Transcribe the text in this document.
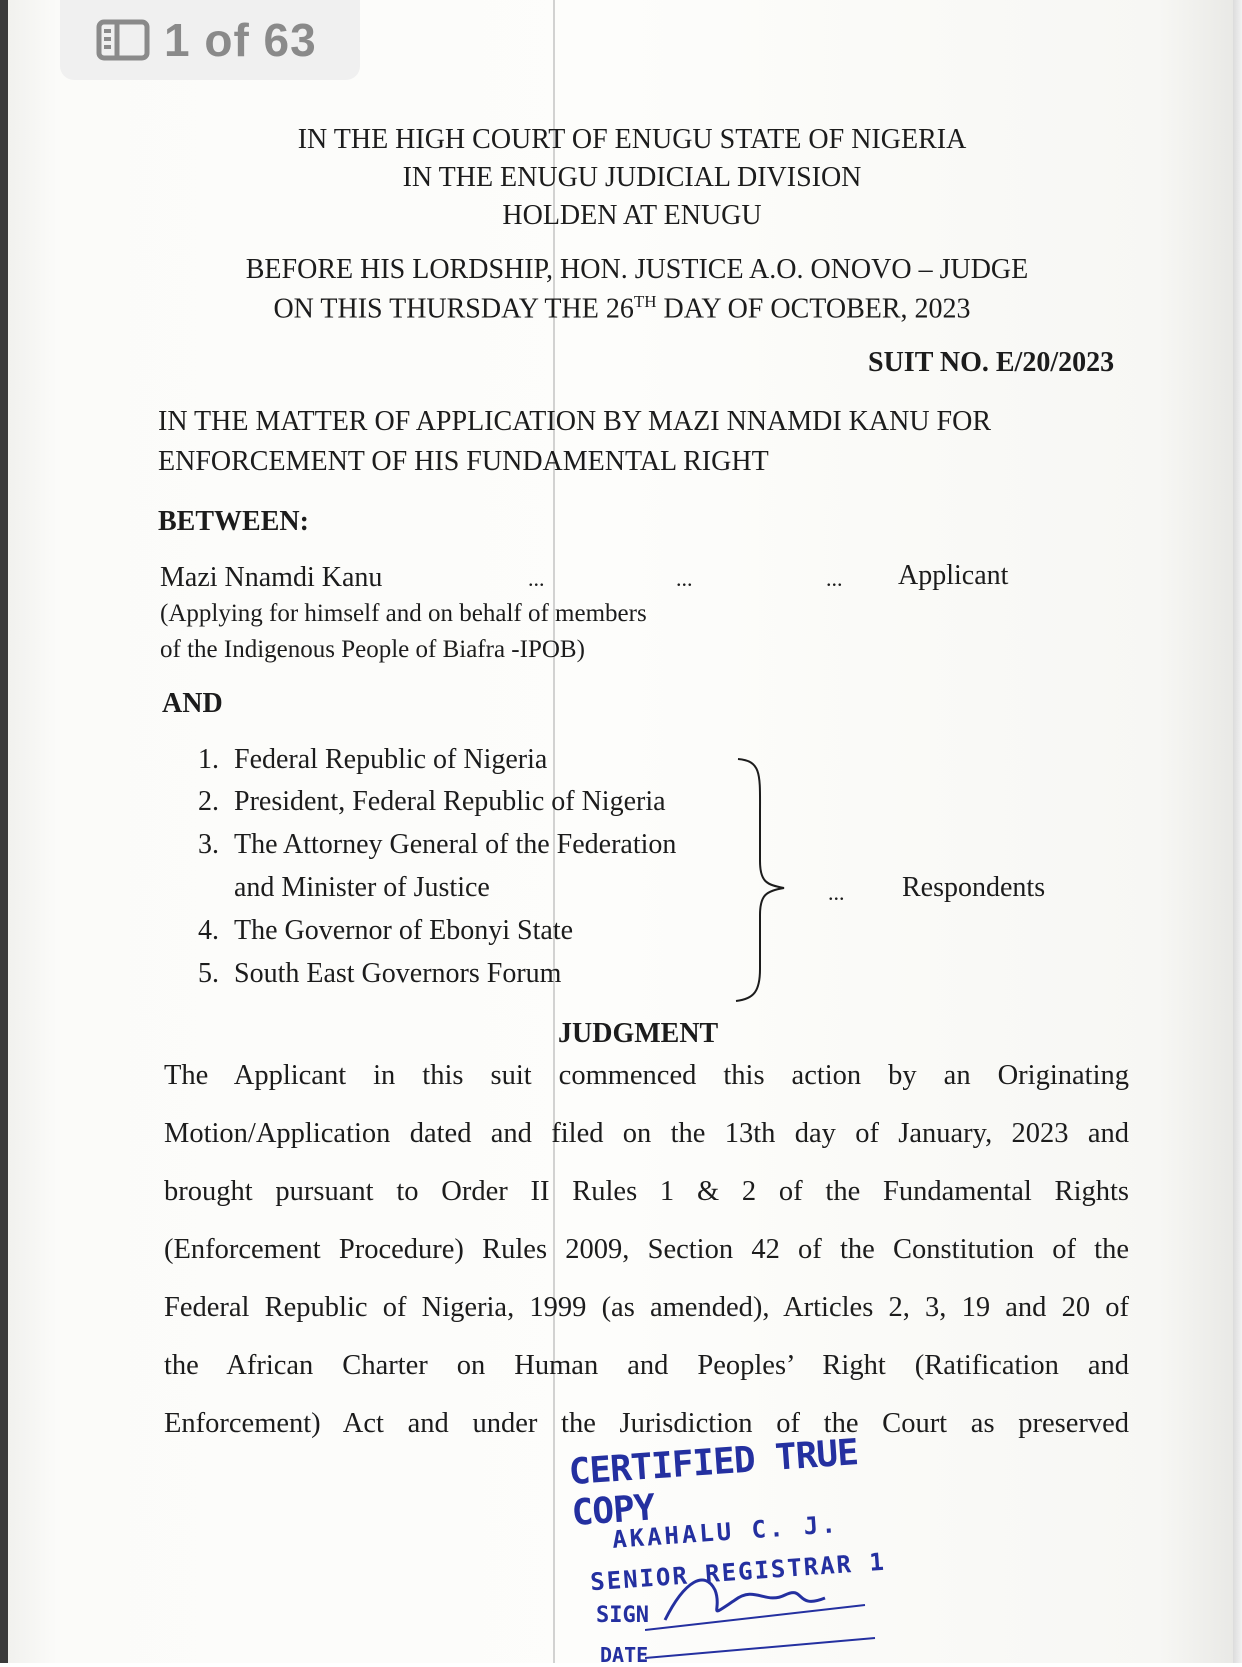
1 of 63
IN THE HIGH COURT OF ENUGU STATE OF NIGERIA
IN THE ENUGU JUDICIAL DIVISION
HOLDEN AT ENUGU
BEFORE HIS LORDSHIP, HON. JUSTICE A.O. ONOVO – JUDGE
ON THIS THURSDAY THE 26TH DAY OF OCTOBER, 2023
SUIT NO. E/20/2023
IN THE MATTER OF APPLICATION BY MAZI NNAMDI KANU FOR
ENFORCEMENT OF HIS FUNDAMENTAL RIGHT
BETWEEN:
Mazi Nnamdi Kanu
(Applying for himself and on behalf of members
of the Indigenous People of Biafra -IPOB)
...	...	... Applicant
AND
1. Federal Republic of Nigeria
2. President, Federal Republic of Nigeria
3. The Attorney General of the Federation
and Minister of Justice
4. The Governor of Ebonyi State
5. South East Governors Forum
... Respondents
JUDGMENT
The Applicant in this suit commenced this action by an Originating
Motion/Application dated and filed on the 13th day of January, 2023 and
brought pursuant to Order II Rules 1 & 2 of the Fundamental Rights
(Enforcement Procedure) Rules 2009, Section 42 of the Constitution of the
Federal Republic of Nigeria, 1999 (as amended), Articles 2, 3, 19 and 20 of
the African Charter on Human and Peoples’ Right (Ratification and
Enforcement) Act and under the Jurisdiction of the Court as preserved
CERTIFIED TRUE COPY
AKAHALU C. J.
SENIOR REGISTRAR 1
SIGN
DATE
